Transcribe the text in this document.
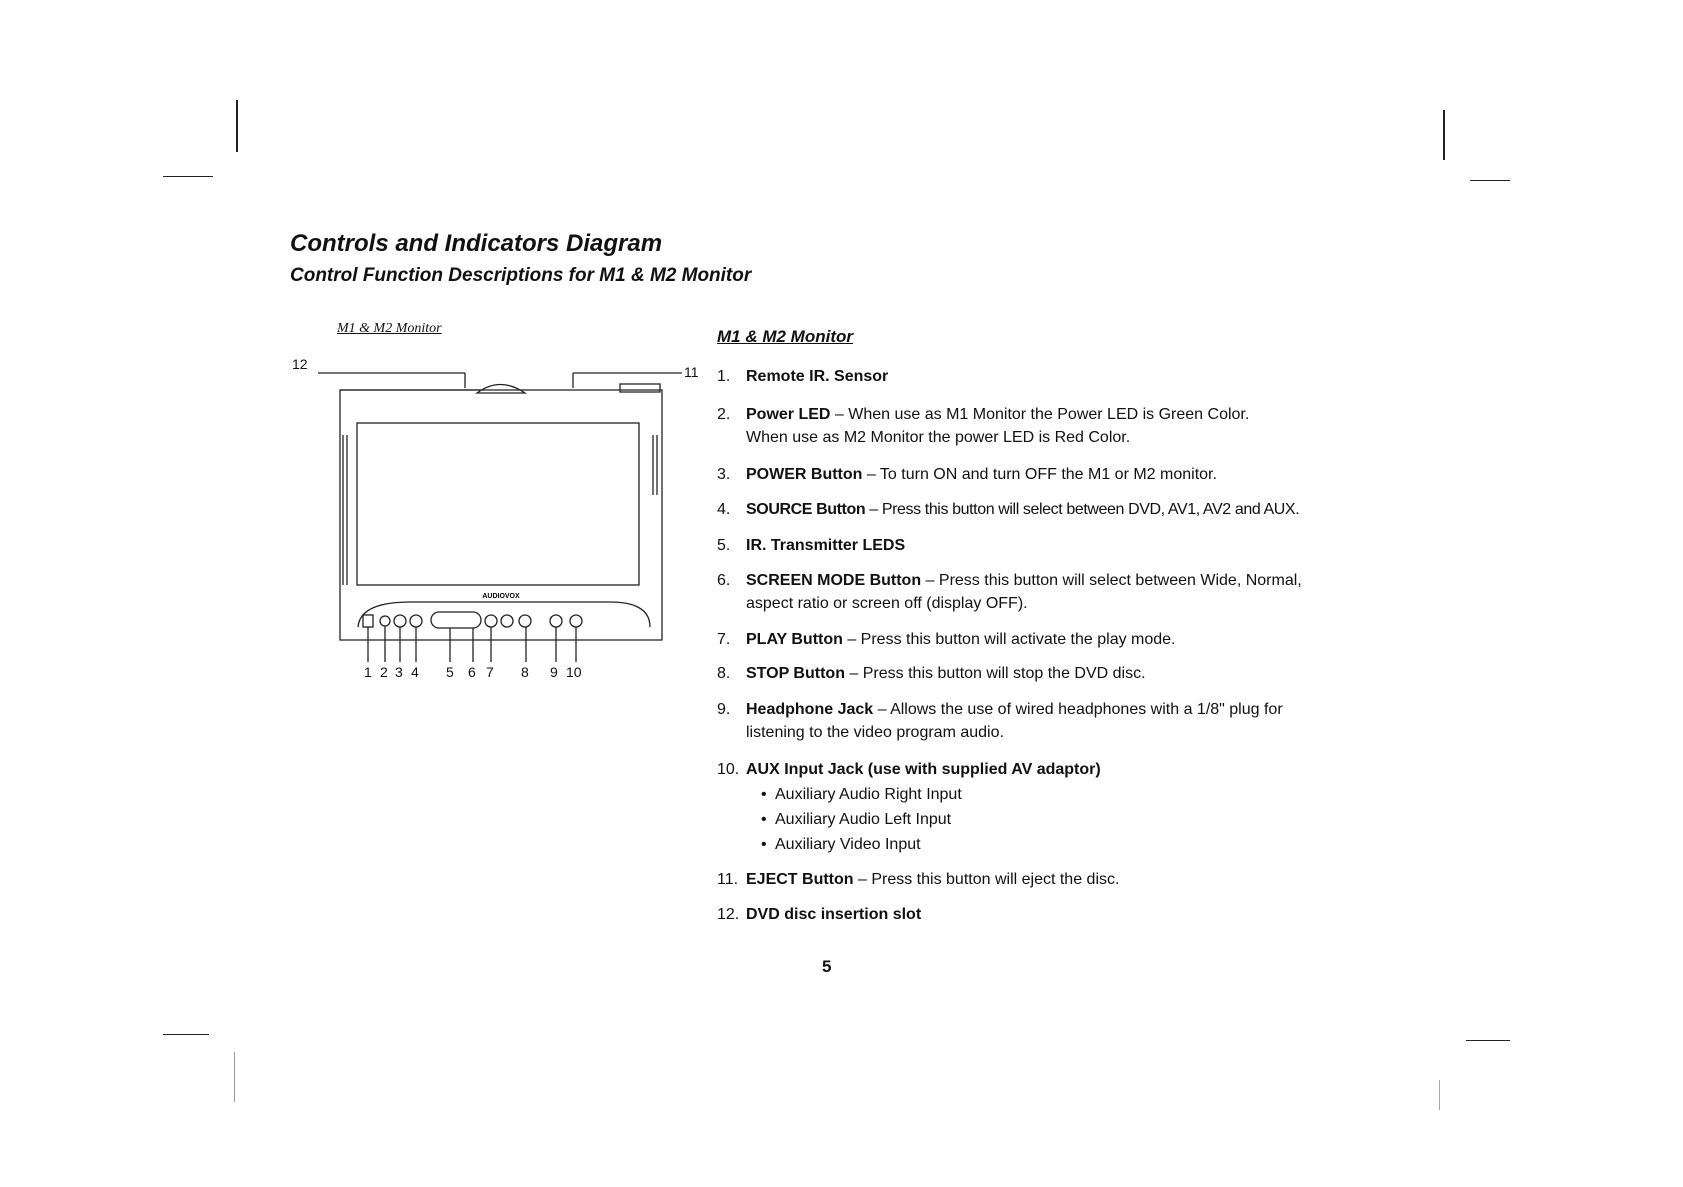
Controls and Indicators Diagram
Control Function Descriptions for M1 & M2 Monitor
M1 & M2 Monitor
AUDIOVOX
12	11
1 2 3 4 5 6 7 8 9 10
M1 & M2 Monitor
1. Remote IR. Sensor
2. Power LED – When use as M1 Monitor the Power LED is Green Color.
When use as M2 Monitor the power LED is Red Color.
3. POWER Button – To turn ON and turn OFF the M1 or M2 monitor.
4. SOURCE Button – Press this button will select between DVD, AV1, AV2 and AUX.
5. IR. Transmitter LEDS
6. SCREEN MODE Button – Press this button will select between Wide, Normal,
aspect ratio or screen off (display OFF).
7. PLAY Button – Press this button will activate the play mode.
8. STOP Button – Press this button will stop the DVD disc.
9. Headphone Jack – Allows the use of wired headphones with a 1/8" plug for
listening to the video program audio.
10. AUX Input Jack (use with supplied AV adaptor)
• Auxiliary Audio Right Input
• Auxiliary Audio Left Input
• Auxiliary Video Input
11. EJECT Button – Press this button will eject the disc.
12. DVD disc insertion slot
5
